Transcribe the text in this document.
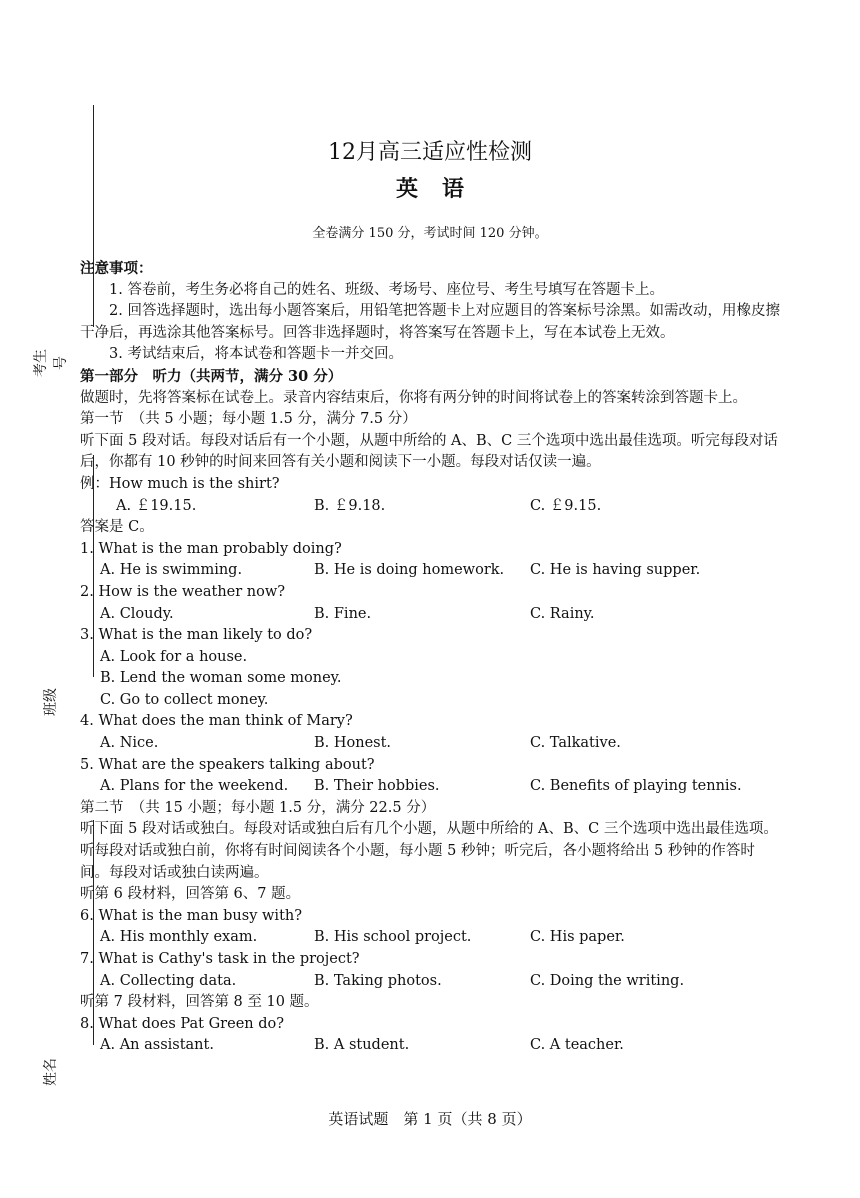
考生号
班级
姓名
12月高三适应性检测
英语
全卷满分 150 分，考试时间 120 分钟。

注意事项：

1. 答卷前，考生务必将自己的姓名、班级、考场号、座位号、考生号填写在答题卡上。

2. 回答选择题时，选出每小题答案后，用铅笔把答题卡上对应题目的答案标号涂黑。如需改动，用橡皮擦干净后，再选涂其他答案标号。回答非选择题时，将答案写在答题卡上，写在本试卷上无效。

3. 考试结束后，将本试卷和答题卡一并交回。

第一部分　听力（共两节，满分 30 分）

做题时，先将答案标在试卷上。录音内容结束后，你将有两分钟的时间将试卷上的答案转涂到答题卡上。

第一节　（共 5 小题；每小题 1.5 分，满分 7.5 分）

听下面 5 段对话。每段对话后有一个小题，从题中所给的 A、B、C 三个选项中选出最佳选项。听完每段对话后，你都有 10 秒钟的时间来回答有关小题和阅读下一小题。每段对话仅读一遍。

例：How much is the shirt?

A. ￡19.15.	B. ￡9.18.	C. ￡9.15.

答案是 C。

1. What is the man probably doing?

A. He is swimming.	B. He is doing homework.	C. He is having supper.

2. How is the weather now?

A. Cloudy.	B. Fine.	C. Rainy.

3. What is the man likely to do?

A. Look for a house.

B. Lend the woman some money.

C. Go to collect money.

4. What does the man think of Mary?

A. Nice.	B. Honest.	C. Talkative.

5. What are the speakers talking about?

A. Plans for the weekend.	B. Their hobbies.	C. Benefits of playing tennis.

第二节　（共 15 小题；每小题 1.5 分，满分 22.5 分）

听下面 5 段对话或独白。每段对话或独白后有几个小题，从题中所给的 A、B、C 三个选项中选出最佳选项。听每段对话或独白前，你将有时间阅读各个小题，每小题 5 秒钟；听完后，各小题将给出 5 秒钟的作答时间。每段对话或独白读两遍。

听第 6 段材料，回答第 6、7 题。

6. What is the man busy with?

A. His monthly exam.	B. His school project.	C. His paper.

7. What is Cathy's task in the project?

A. Collecting data.	B. Taking photos.	C. Doing the writing.

听第 7 段材料，回答第 8 至 10 题。

8. What does Pat Green do?

A. An assistant.	B. A student.	C. A teacher.
英语试题　第 1 页（共 8 页）
